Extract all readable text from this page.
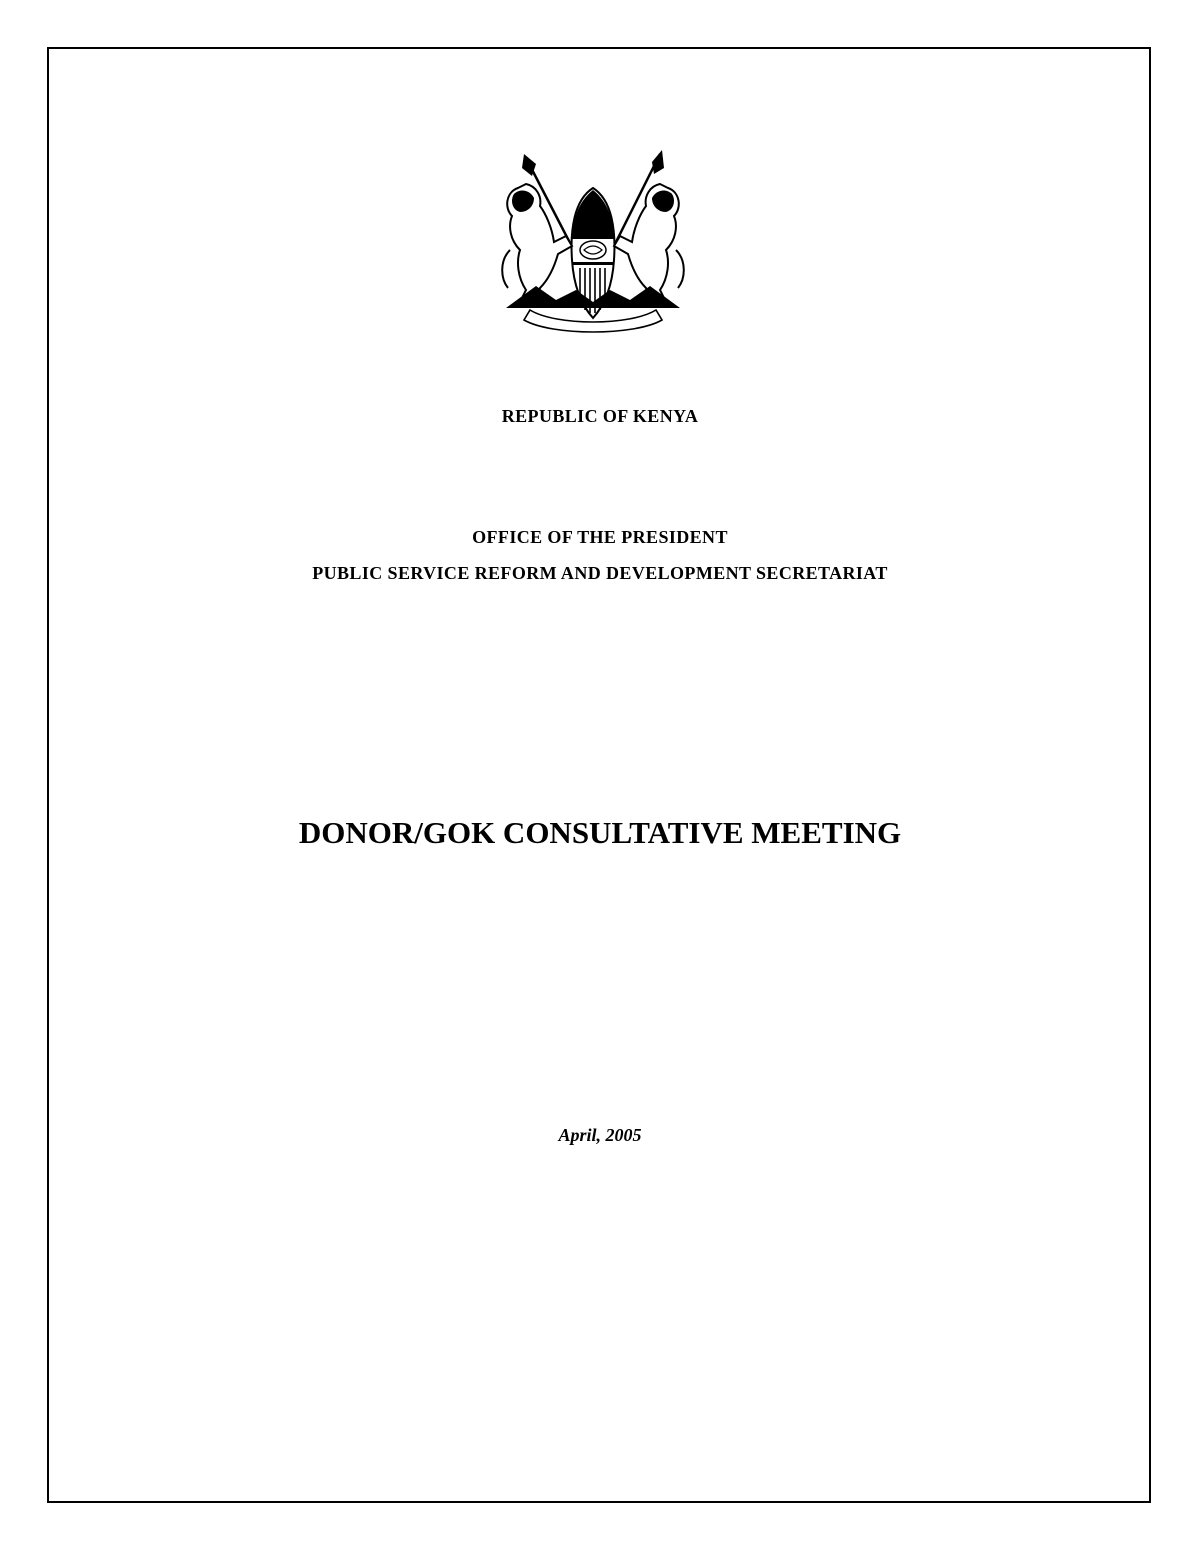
REPUBLIC OF KENYA
OFFICE OF THE PRESIDENT
PUBLIC SERVICE REFORM AND DEVELOPMENT SECRETARIAT
DONOR/GOK CONSULTATIVE MEETING
April, 2005
